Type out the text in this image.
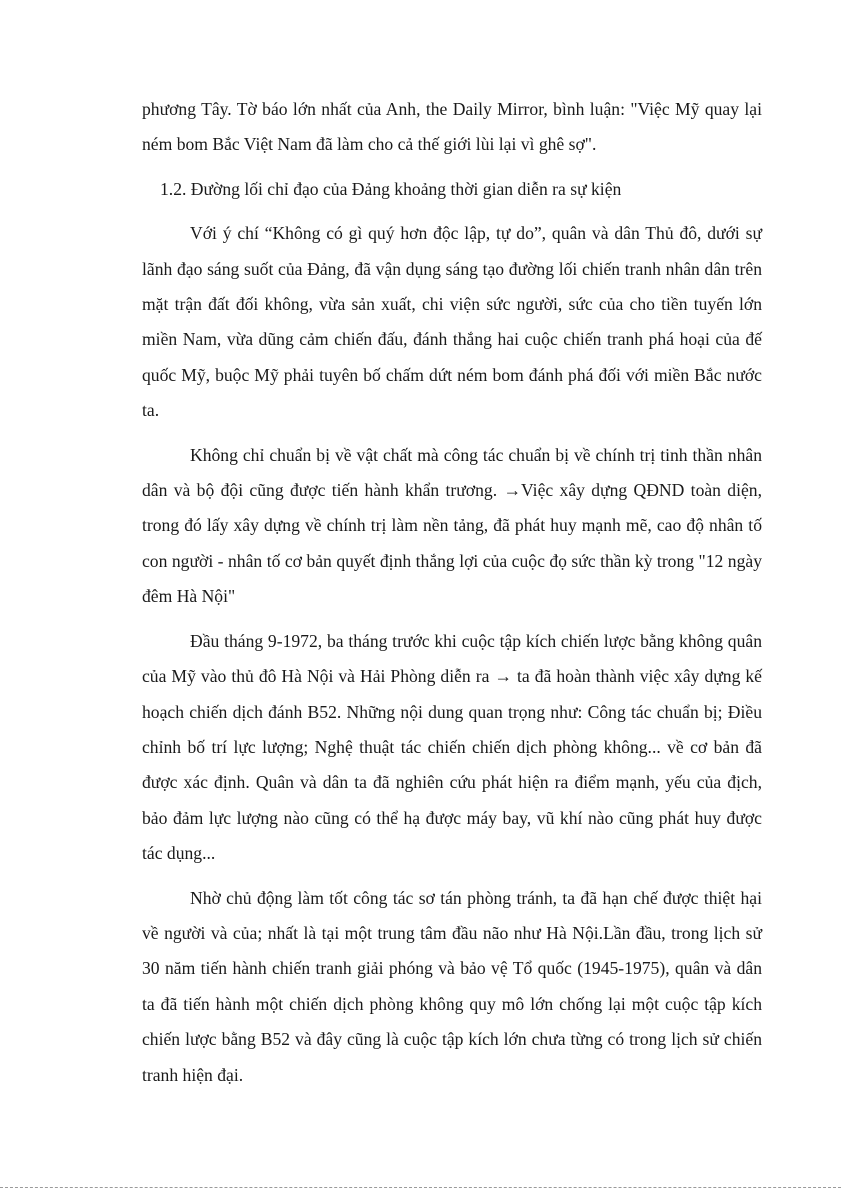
phương Tây. Tờ báo lớn nhất của Anh, the Daily Mirror, bình luận: "Việc Mỹ quay lại ném bom Bắc Việt Nam đã làm cho cả thế giới lùi lại vì ghê sợ".

1.2. Đường lối chỉ đạo của Đảng khoảng thời gian diễn ra sự kiện

Với ý chí “Không có gì quý hơn độc lập, tự do”, quân và dân Thủ đô, dưới sự lãnh đạo sáng suốt của Đảng, đã vận dụng sáng tạo đường lối chiến tranh nhân dân trên mặt trận đất đối không, vừa sản xuất, chi viện sức người, sức của cho tiền tuyến lớn miền Nam, vừa dũng cảm chiến đấu, đánh thắng hai cuộc chiến tranh phá hoại của đế quốc Mỹ, buộc Mỹ phải tuyên bố chấm dứt ném bom đánh phá đối với miền Bắc nước ta.

Không chỉ chuẩn bị về vật chất mà công tác chuẩn bị về chính trị tinh thần nhân dân và bộ đội cũng được tiến hành khẩn trương. →Việc xây dựng QĐND toàn diện, trong đó lấy xây dựng về chính trị làm nền tảng, đã phát huy mạnh mẽ, cao độ nhân tố con người - nhân tố cơ bản quyết định thắng lợi của cuộc đọ sức thần kỳ trong "12 ngày đêm Hà Nội"

Đầu tháng 9-1972, ba tháng trước khi cuộc tập kích chiến lược bằng không quân của Mỹ vào thủ đô Hà Nội và Hải Phòng diễn ra → ta đã hoàn thành việc xây dựng kế hoạch chiến dịch đánh B52. Những nội dung quan trọng như: Công tác chuẩn bị; Điều chỉnh bố trí lực lượng; Nghệ thuật tác chiến chiến dịch phòng không... về cơ bản đã được xác định. Quân và dân ta đã nghiên cứu phát hiện ra điểm mạnh, yếu của địch, bảo đảm lực lượng nào cũng có thể hạ được máy bay, vũ khí nào cũng phát huy được tác dụng...

Nhờ chủ động làm tốt công tác sơ tán phòng tránh, ta đã hạn chế được thiệt hại về người và của; nhất là tại một trung tâm đầu não như Hà Nội.Lần đầu, trong lịch sử 30 năm tiến hành chiến tranh giải phóng và bảo vệ Tổ quốc (1945-1975), quân và dân ta đã tiến hành một chiến dịch phòng không quy mô lớn chống lại một cuộc tập kích chiến lược bằng B52 và đây cũng là cuộc tập kích lớn chưa từng có trong lịch sử chiến tranh hiện đại.
